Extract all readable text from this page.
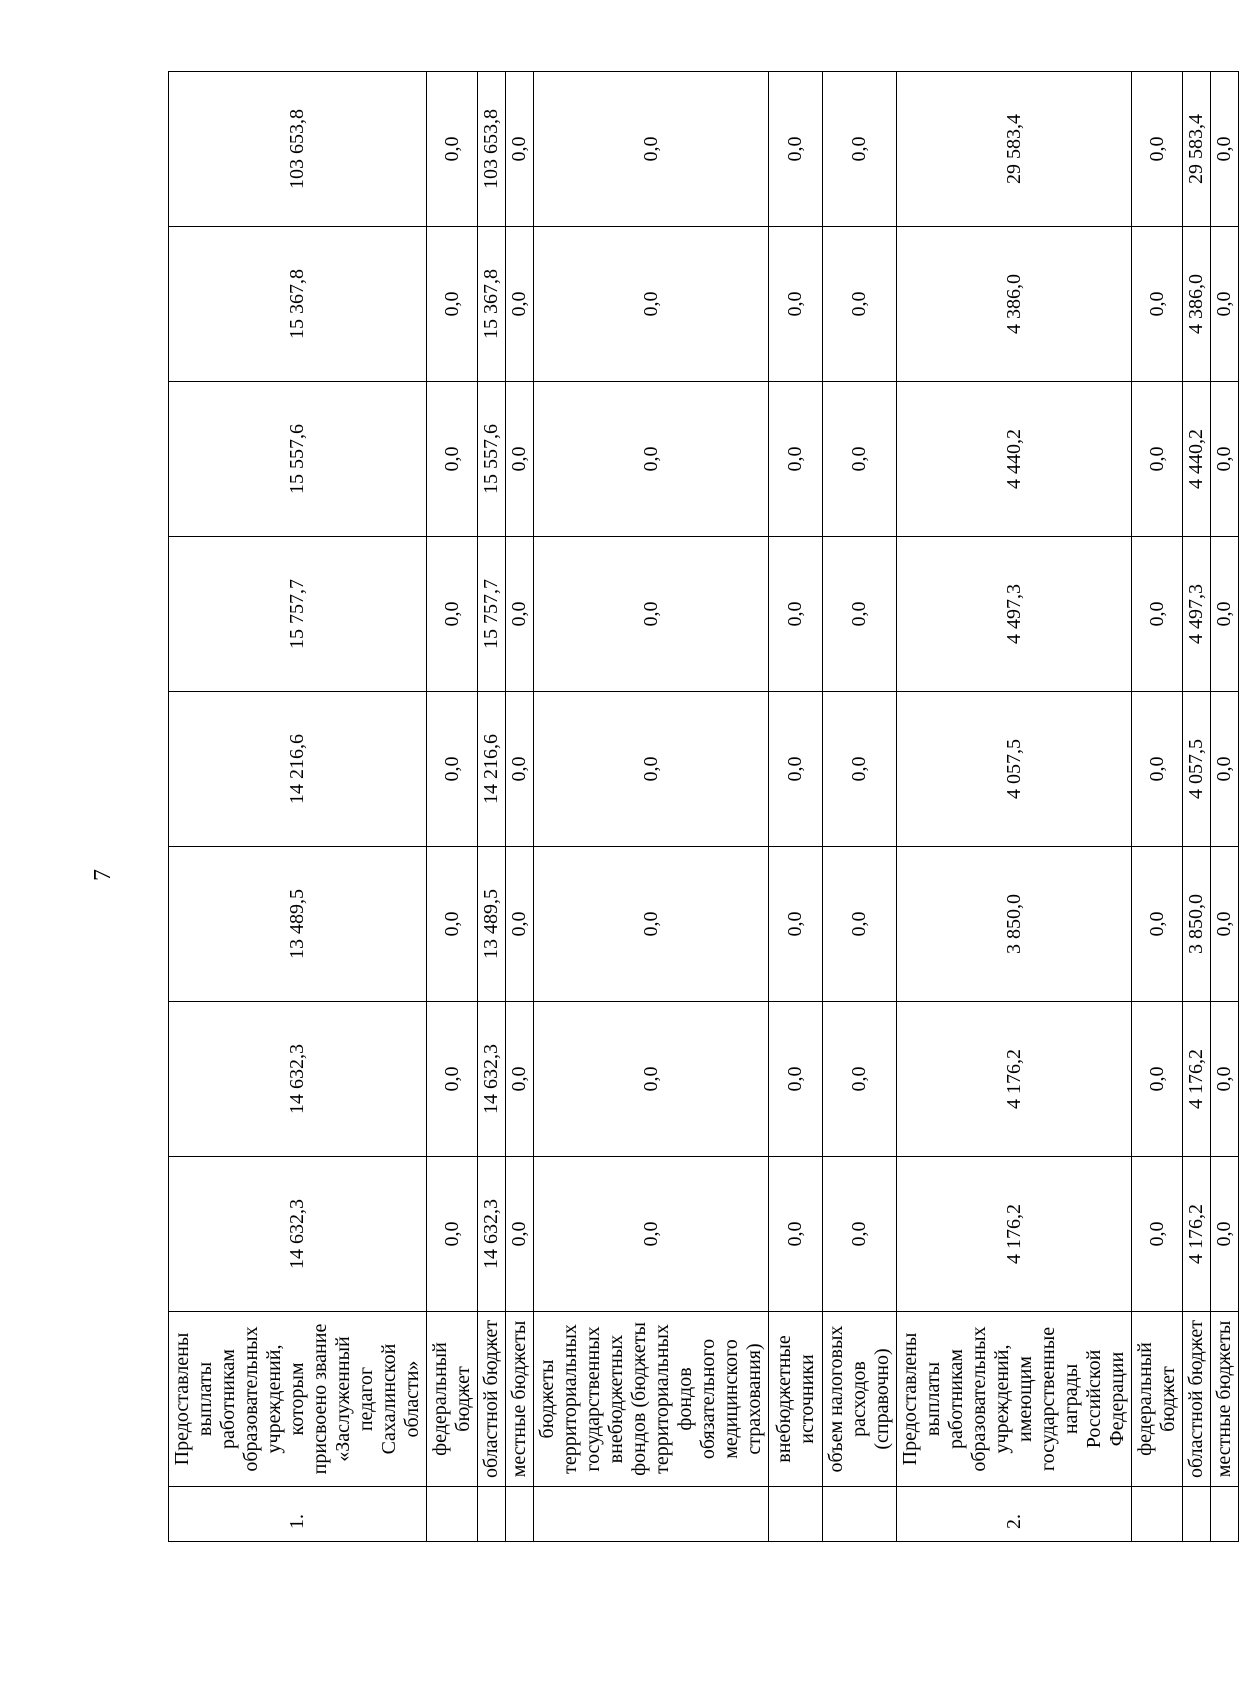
7
1.	Предоставлены выплаты работникам образовательных учреждений, которым присвоено звание «Заслуженный педагог Сахалинской области»	14 632,3	14 632,3	13 489,5	14 216,6	15 757,7	15 557,6	15 367,8	103 653,8
	федеральный бюджет	0,0	0,0	0,0	0,0	0,0	0,0	0,0	0,0
	областной бюджет	14 632,3	14 632,3	13 489,5	14 216,6	15 757,7	15 557,6	15 367,8	103 653,8
	местные бюджеты	0,0	0,0	0,0	0,0	0,0	0,0	0,0	0,0
	бюджеты территориальных государственных внебюджетных фондов (бюджеты территориальных фондов обязательного медицинского страхования)	0,0	0,0	0,0	0,0	0,0	0,0	0,0	0,0
	внебюджетные источники	0,0	0,0	0,0	0,0	0,0	0,0	0,0	0,0
	объем налоговых расходов (справочно)	0,0	0,0	0,0	0,0	0,0	0,0	0,0	0,0
2.	Предоставлены выплаты работникам образовательных учреждений, имеющим государственные награды Российской Федерации	4 176,2	4 176,2	3 850,0	4 057,5	4 497,3	4 440,2	4 386,0	29 583,4
	федеральный бюджет	0,0	0,0	0,0	0,0	0,0	0,0	0,0	0,0
	областной бюджет	4 176,2	4 176,2	3 850,0	4 057,5	4 497,3	4 440,2	4 386,0	29 583,4
	местные бюджеты	0,0	0,0	0,0	0,0	0,0	0,0	0,0	0,0
